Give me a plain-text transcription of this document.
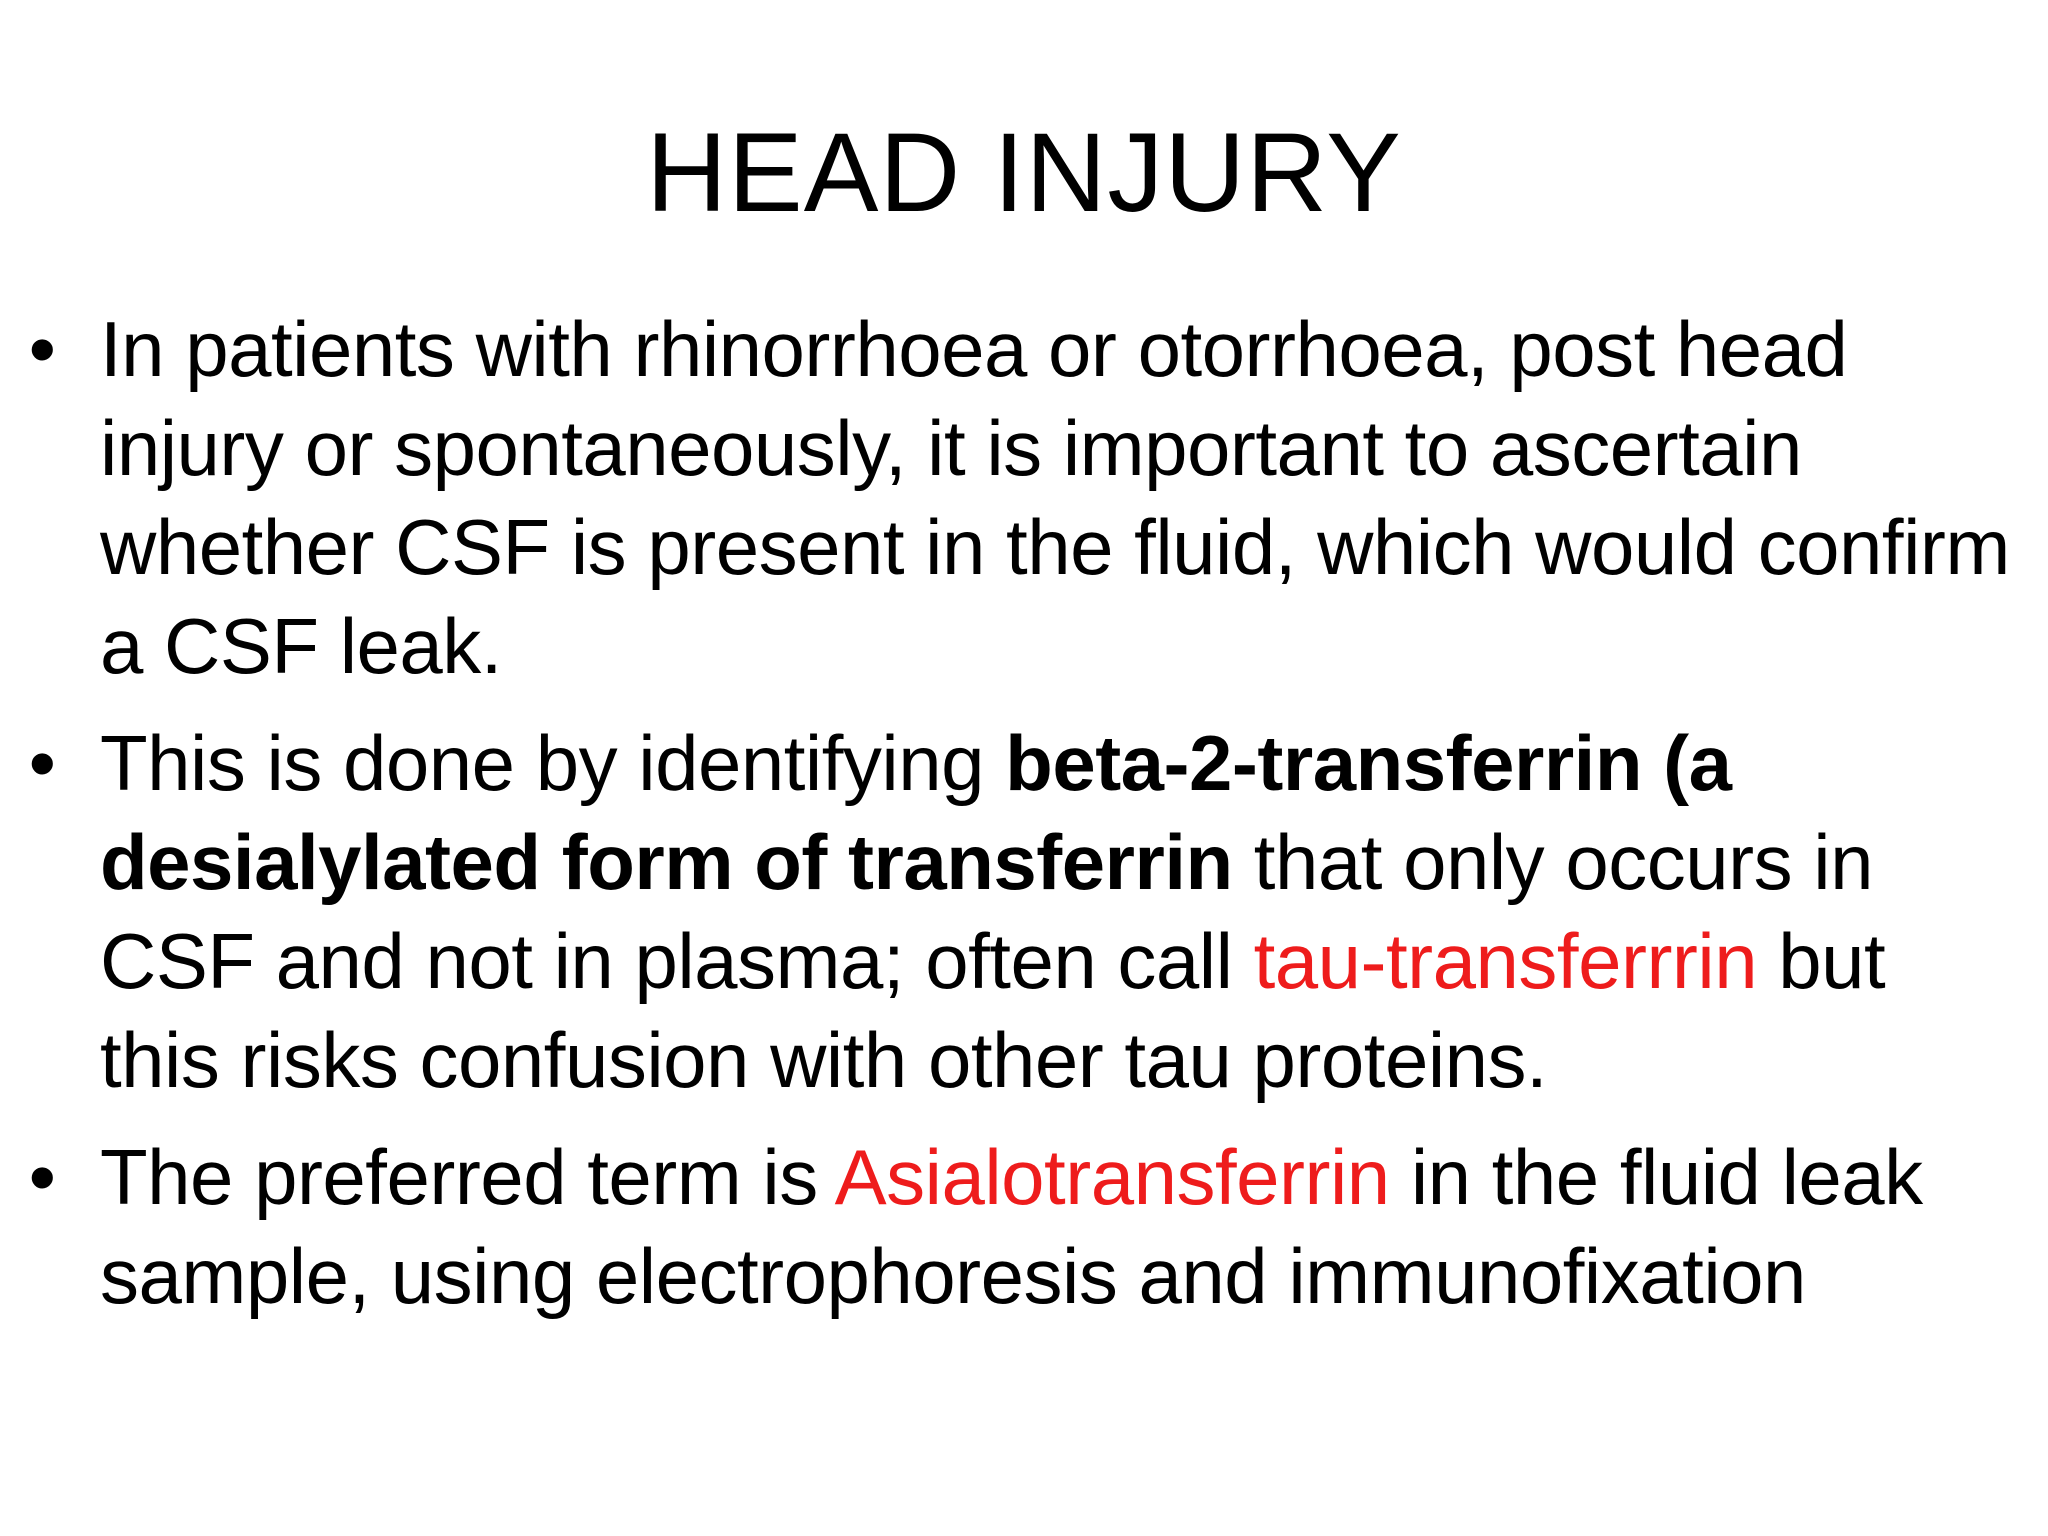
HEAD INJURY
• In patients with rhinorrhoea or otorrhoea, post head injury or spontaneously, it is important to ascertain whether CSF is present in the fluid, which would confirm a CSF leak.
• This is done by identifying beta-2-transferrin (a desialylated form of transferrin that only occurs in CSF and not in plasma; often call tau-transferrrin but this risks confusion with other tau proteins.
• The preferred term is Asialotransferrin in the fluid leak sample, using electrophoresis and immunofixation
